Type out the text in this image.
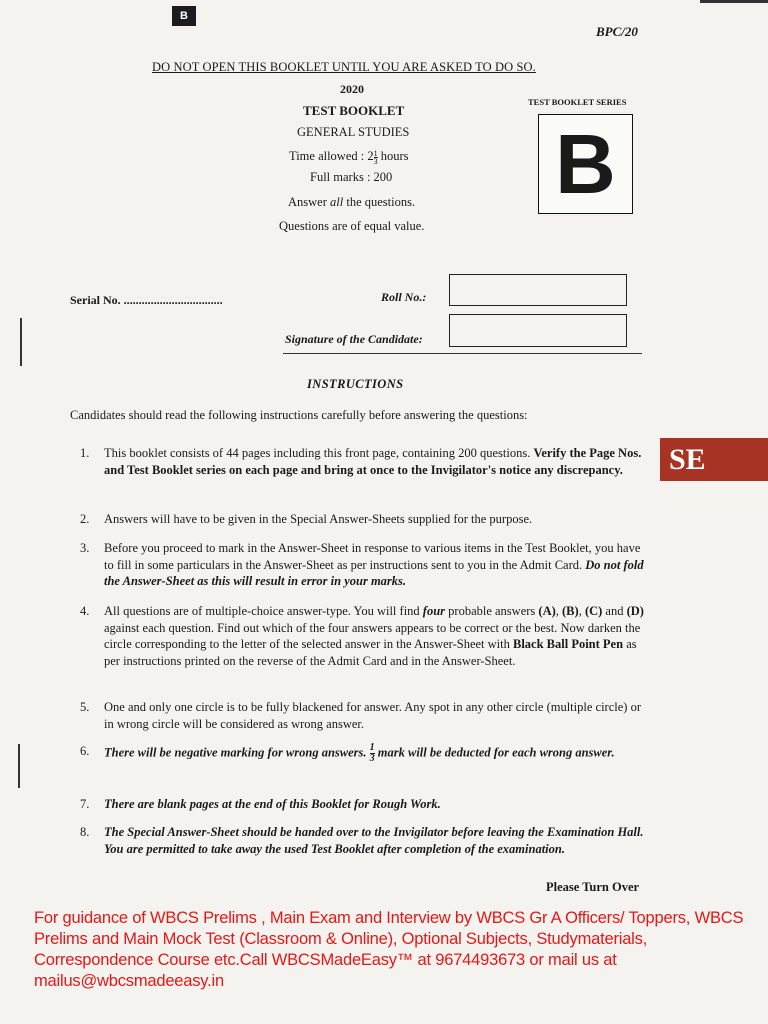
B
BPC/20
DO NOT OPEN THIS BOOKLET UNTIL YOU ARE ASKED TO DO SO.
2020
TEST BOOKLET
GENERAL STUDIES
Time allowed : $2 \frac{1}{3}$ hours
Full marks : 200
Answer all the questions.
Questions are of equal value.
TEST BOOKLET SERIES
B
Serial No. .................................	Roll No.:
Signature of the Candidate:
INSTRUCTIONS
Candidates should read the following instructions carefully before answering the questions:
SE
1.	This booklet consists of 44 pages including this front page, containing 200 questions. Verify the Page Nos. and Test Booklet series on each page and bring at once to the Invigilator's notice any discrepancy.
2.	Answers will have to be given in the Special Answer-Sheets supplied for the purpose.
3.	Before you proceed to mark in the Answer-Sheet in response to various items in the Test Booklet, you have to fill in some particulars in the Answer-Sheet as per instructions sent to you in the Admit Card. Do not fold the Answer-Sheet as this will result in error in your marks.
4.	All questions are of multiple-choice answer-type. You will find four probable answers (A), (B), (C) and (D) against each question. Find out which of the four answers appears to be correct or the best. Now darken the circle corresponding to the letter of the selected answer in the Answer-Sheet with Black Ball Point Pen as per instructions printed on the reverse of the Admit Card and in the Answer-Sheet.
5.	One and only one circle is to be fully blackened for answer. Any spot in any other circle (multiple circle) or in wrong circle will be considered as wrong answer.
6.	There will be negative marking for wrong answers. $\frac{1}{3}$ mark will be deducted for each wrong answer.
7.	There are blank pages at the end of this Booklet for Rough Work.
8.	The Special Answer-Sheet should be handed over to the Invigilator before leaving the Examination Hall. You are permitted to take away the used Test Booklet after completion of the examination.
Please Turn Over
For guidance of WBCS Prelims , Main Exam and Interview by WBCS Gr A Officers/ Toppers, WBCS Prelims and Main Mock Test (Classroom & Online), Optional Subjects, Studymaterials, Correspondence Course etc.Call WBCSMadeEasy™ at 9674493673 or mail us at mailus@wbcsmadeeasy.in
